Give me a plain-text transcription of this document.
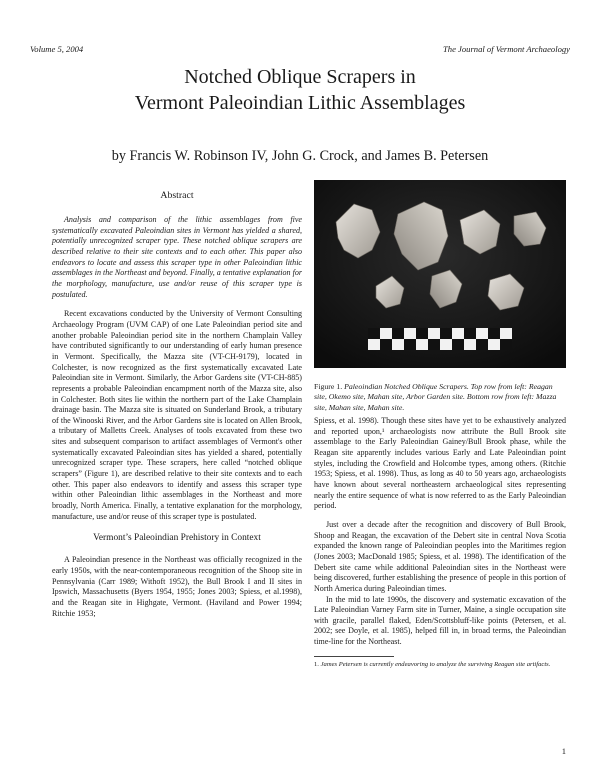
Volume 5, 2004	The Journal of Vermont Archaeology
Notched Oblique Scrapers in
Vermont Paleoindian Lithic Assemblages
by Francis W. Robinson IV, John G. Crock, and James B. Petersen
Abstract

Analysis and comparison of the lithic assemblages from five systematically excavated Paleoindian sites in Vermont has yielded a shared, potentially unrecognized scraper type. These notched oblique scrapers are described relative to their site contexts and to each other. This paper also endeavors to locate and assess this scraper type in other Paleoindian lithic assemblages in the Northeast and beyond. Finally, a tentative explanation for the morphology, manufacture, use and/or reuse of this scraper type is postulated.

Recent excavations conducted by the University of Vermont Consulting Archaeology Program (UVM CAP) of one Late Paleoindian period site and another probable Paleoindian period site in the northern Champlain Valley have contributed significantly to our understanding of early human presence in Vermont. Specifically, the Mazza site (VT-CH-9179), located in Colchester, is now recognized as the first systematically excavated Late Paleoindian site in Vermont. Similarly, the Arbor Gardens site (VT-CH-885) represents a probable Paleoindian encampment north of the Mazza site, also in Colchester. Both sites lie within the northern part of the Lake Champlain drainage basin. The Mazza site is situated on Sunderland Brook, a tributary of the Winooski River, and the Arbor Gardens site is located on Allen Brook, a tributary of Malletts Creek. Analyses of tools excavated from these two sites and subsequent comparison to artifact assemblages of Vermont's other systematically excavated Paleoindian sites has yielded a shared, potentially unrecognized scraper type. These scrapers, here called “notched oblique scrapers” (Figure 1), are described relative to their site contexts and to each other. This paper also endeavors to identify and assess this scraper type within other Paleoindian lithic assemblages in the Northeast and more broadly, North America. Finally, a tentative explanation for the morphology, manufacture, use and/or reuse of this scraper type is postulated.

Vermont’s Paleoindian Prehistory in Context

A Paleoindian presence in the Northeast was officially recognized in the early 1950s, with the near-contemporaneous recognition of the Shoop site in Pennsylvania (Carr 1989; Withoft 1952), the Bull Brook I and II sites in Ipswich, Massachusetts (Byers 1954, 1955; Jones 2003; Spiess, et al.1998), and the Reagan site in Highgate, Vermont. (Haviland and Power 1994; Ritchie 1953;

Figure 1. Paleoindian Notched Oblique Scrapers. Top row from left: Reagan site, Okemo site, Mahan site, Arbor Garden site. Bottom row from left: Mazza site, Mahan site, Mahan site.

Spiess, et al. 1998). Though these sites have yet to be exhaustively analyzed and reported upon,¹ archaeologists now attribute the Bull Brook site assemblage to the Early Paleoindian Gainey/Bull Brook phase, while the Reagan site apparently includes various Early and Late Paleoindian point styles, including the Crowfield and Holcombe types, among others. (Ritchie 1953; Spiess, et al. 1998). Thus, as long as 40 to 50 years ago, archaeologists have known about several northeastern archaeological sites representing nearly the entire sequence of what is now referred to as the Early Paleoindian period.

Just over a decade after the recognition and discovery of Bull Brook, Shoop and Reagan, the excavation of the Debert site in central Nova Scotia expanded the known range of Paleoindian peoples into the Maritimes region (Jones 2003; MacDonald 1985; Spiess, et al. 1998). The identification of the Debert site came while additional Paleoindian sites in the Northeast were being discovered, further establishing the presence of people in this portion of North America during Paleoindian times.

In the mid to late 1990s, the discovery and systematic excavation of the Late Paleoindian Varney Farm site in Turner, Maine, a single occupation site with gracile, parallel flaked, Eden/Scottsbluff-like points (Petersen, et al. 2002; see Doyle, et al. 1985), helped fill in, in broad terms, the Paleoindian time-line for the Northeast.

1. James Petersen is currently endeavoring to analyze the surviving Reagan site artifacts.

1
